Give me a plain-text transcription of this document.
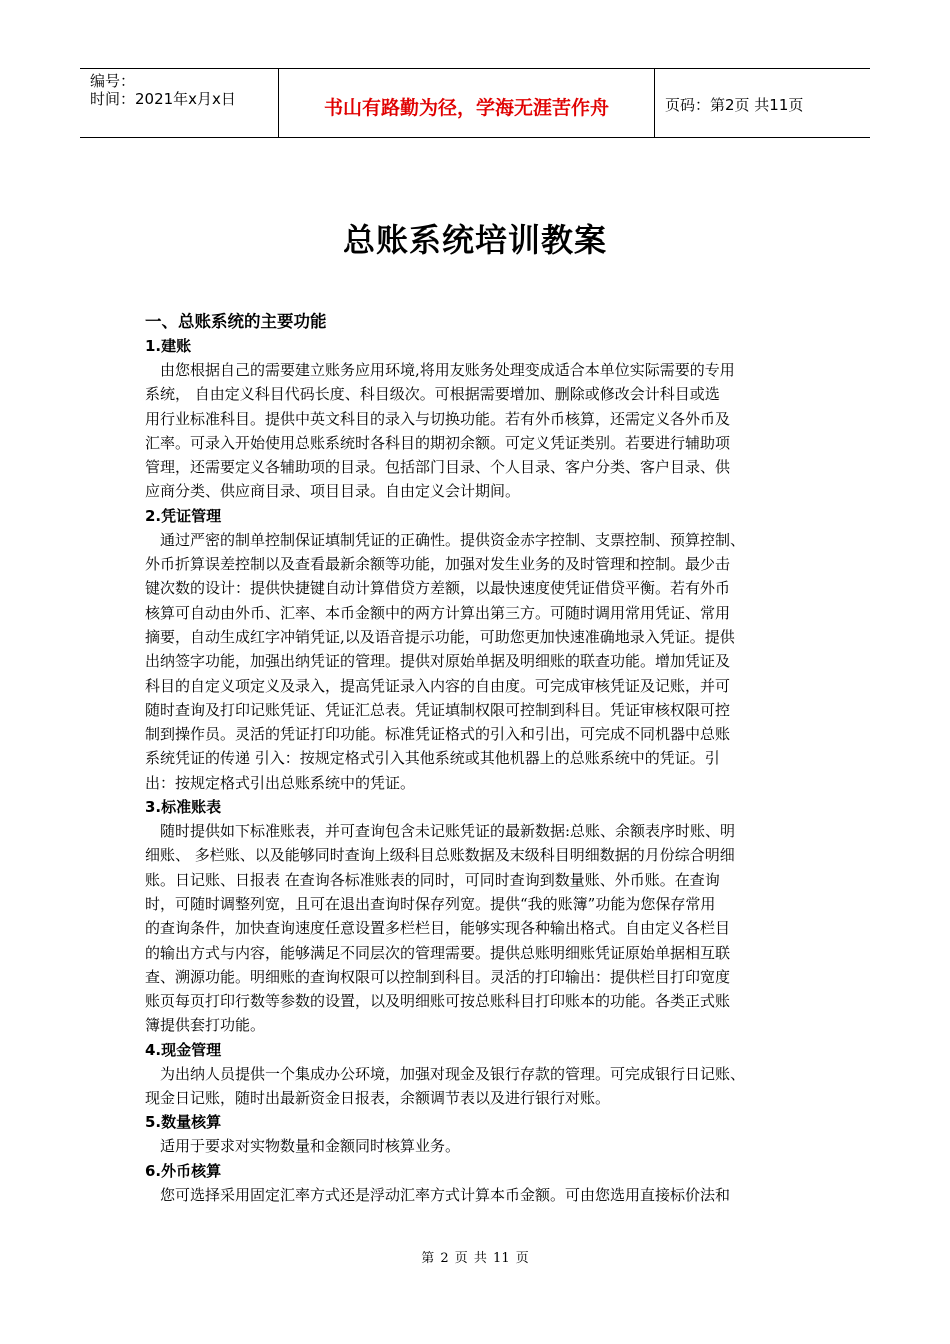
编号：
时间：2021年x月x日	书山有路勤为径，学海无涯苦作舟	页码：第2页 共11页
总账系统培训教案
一、总账系统的主要功能
1.建账
由您根据自己的需要建立账务应用环境,将用友账务处理变成适合本单位实际需要的专用
系统， 自由定义科目代码长度、科目级次。可根据需要增加、删除或修改会计科目或选
用行业标准科目。提供中英文科目的录入与切换功能。若有外币核算，还需定义各外币及
汇率。可录入开始使用总账系统时各科目的期初余额。可定义凭证类别。若要进行辅助项
管理，还需要定义各辅助项的目录。包括部门目录、个人目录、客户分类、客户目录、供
应商分类、供应商目录、项目目录。自由定义会计期间。
2.凭证管理
通过严密的制单控制保证填制凭证的正确性。提供资金赤字控制、支票控制、预算控制、
外币折算误差控制以及查看最新余额等功能，加强对发生业务的及时管理和控制。最少击
键次数的设计：提供快捷键自动计算借贷方差额，以最快速度使凭证借贷平衡。若有外币
核算可自动由外币、汇率、本币金额中的两方计算出第三方。可随时调用常用凭证、常用
摘要，自动生成红字冲销凭证,以及语音提示功能，可助您更加快速准确地录入凭证。提供
出纳签字功能，加强出纳凭证的管理。提供对原始单据及明细账的联查功能。增加凭证及
科目的自定义项定义及录入，提高凭证录入内容的自由度。可完成审核凭证及记账，并可
随时查询及打印记账凭证、凭证汇总表。凭证填制权限可控制到科目。凭证审核权限可控
制到操作员。灵活的凭证打印功能。标准凭证格式的引入和引出，可完成不同机器中总账
系统凭证的传递 引入：按规定格式引入其他系统或其他机器上的总账系统中的凭证。引
出：按规定格式引出总账系统中的凭证。
3.标准账表
随时提供如下标准账表，并可查询包含未记账凭证的最新数据:总账、余额表序时账、明
细账、 多栏账、以及能够同时查询上级科目总账数据及末级科目明细数据的月份综合明细
账。日记账、日报表 在查询各标准账表的同时，可同时查询到数量账、外币账。在查询
时，可随时调整列宽，且可在退出查询时保存列宽。提供“我的账簿”功能为您保存常用
的查询条件，加快查询速度任意设置多栏栏目，能够实现各种输出格式。自由定义各栏目
的输出方式与内容，能够满足不同层次的管理需要。提供总账明细账凭证原始单据相互联
查、溯源功能。明细账的查询权限可以控制到科目。灵活的打印输出：提供栏目打印宽度
账页每页打印行数等参数的设置，以及明细账可按总账科目打印账本的功能。各类正式账
簿提供套打功能。
4.现金管理
为出纳人员提供一个集成办公环境，加强对现金及银行存款的管理。可完成银行日记账、
现金日记账，随时出最新资金日报表，余额调节表以及进行银行对账。
5.数量核算
适用于要求对实物数量和金额同时核算业务。
6.外币核算
您可选择采用固定汇率方式还是浮动汇率方式计算本币金额。可由您选用直接标价法和
第 2 页 共 11 页
